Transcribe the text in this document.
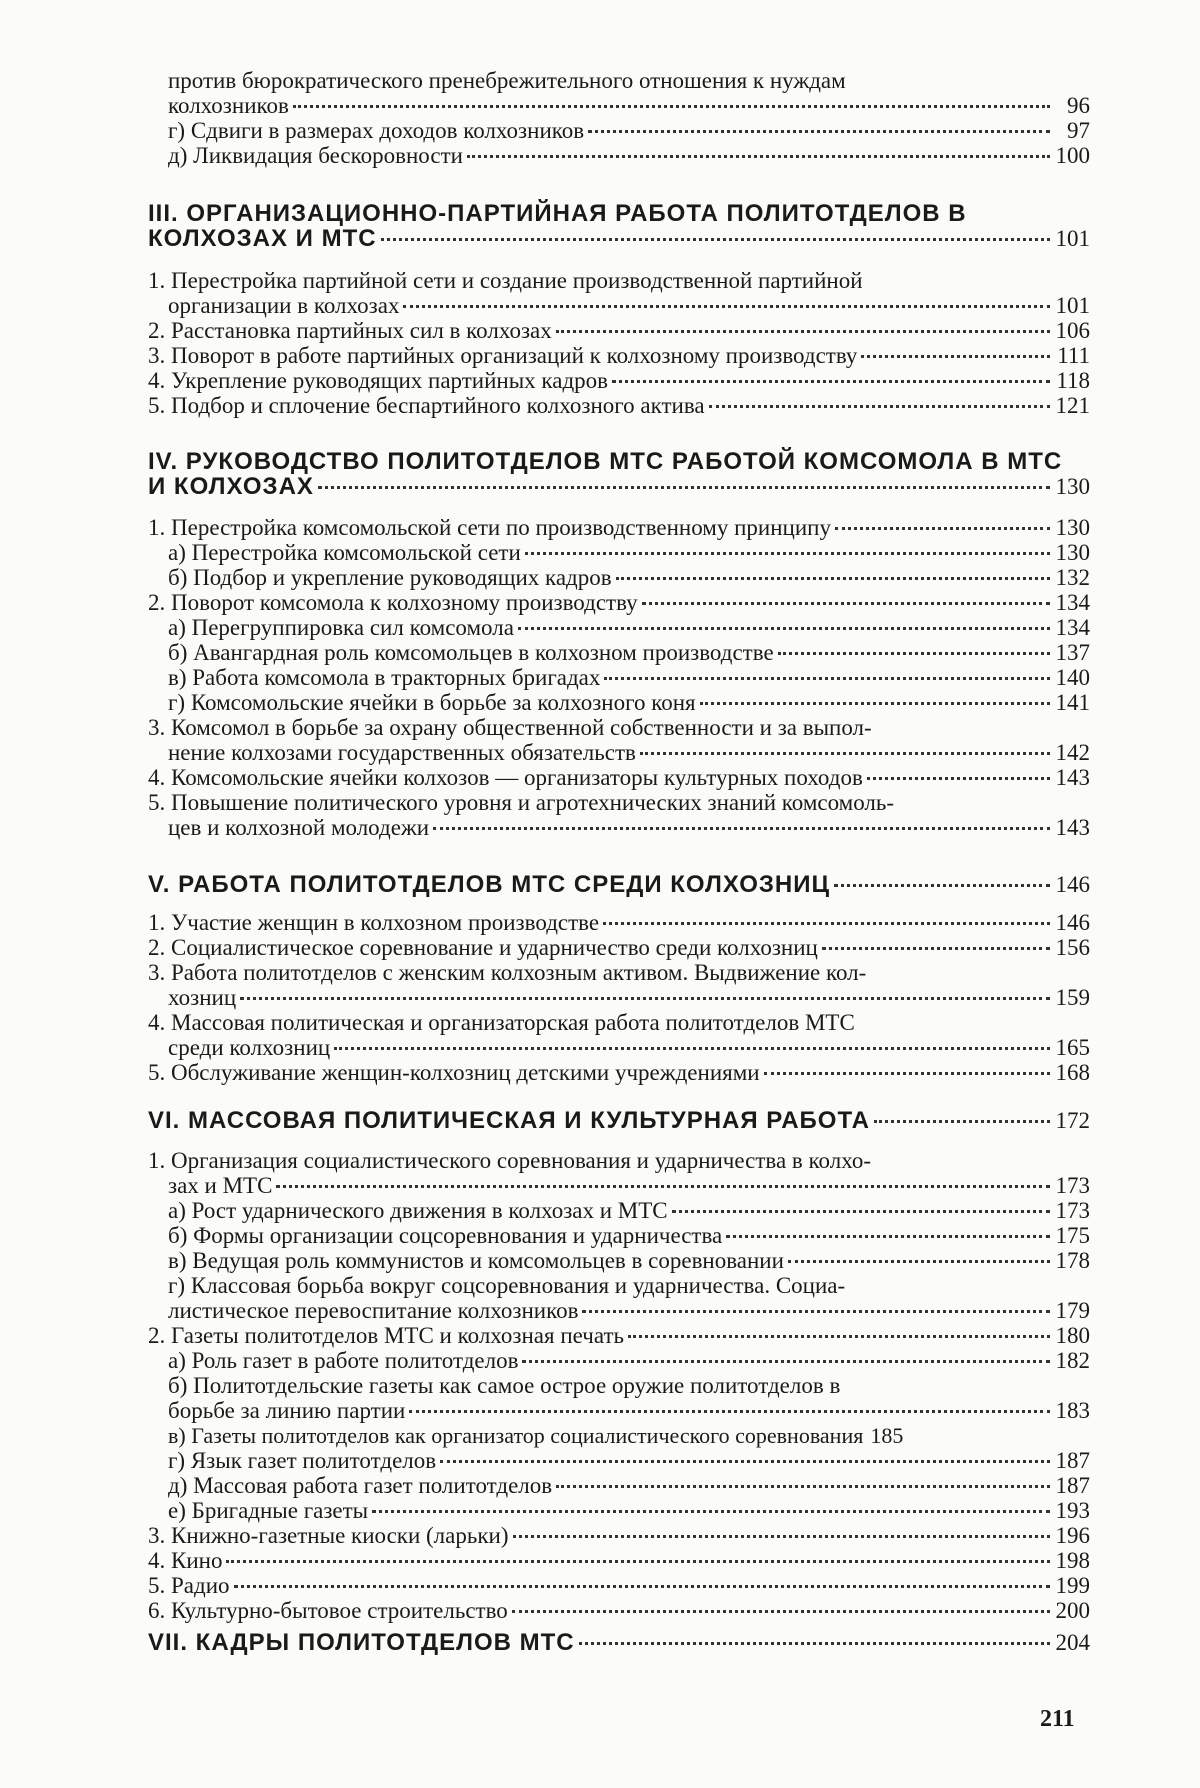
против бюрократического пренебрежительного отношения к нуждам
колхозников	96
г) Сдвиги в размерах доходов колхозников	97
д) Ликвидация бескоровности	100
III. ОРГАНИЗАЦИОННО-ПАРТИЙНАЯ РАБОТА ПОЛИТОТДЕЛОВ В
КОЛХОЗАХ И МТС	101
1. Перестройка партийной сети и создание производственной партийной
организации в колхозах	101
2. Расстановка партийных сил в колхозах	106
3. Поворот в работе партийных организаций к колхозному производству	111
4. Укрепление руководящих партийных кадров	118
5. Подбор и сплочение беспартийного колхозного актива	121
IV. РУКОВОДСТВО ПОЛИТОТДЕЛОВ МТС РАБОТОЙ КОМСОМОЛА В МТС
И КОЛХОЗАХ	130
1. Перестройка комсомольской сети по производственному принципу	130
а) Перестройка комсомольской сети	130
б) Подбор и укрепление руководящих кадров	132
2. Поворот комсомола к колхозному производству	134
а) Перегруппировка сил комсомола	134
б) Авангардная роль комсомольцев в колхозном производстве	137
в) Работа комсомола в тракторных бригадах	140
г) Комсомольские ячейки в борьбе за колхозного коня	141
3. Комсомол в борьбе за охрану общественной собственности и за выпол-
нение колхозами государственных обязательств	142
4. Комсомольские ячейки колхозов — организаторы культурных походов	143
5. Повышение политического уровня и агротехнических знаний комсомоль-
цев и колхозной молодежи	143
V. РАБОТА ПОЛИТОТДЕЛОВ МТС СРЕДИ КОЛХОЗНИЦ	146
1. Участие женщин в колхозном производстве	146
2. Социалистическое соревнование и ударничество среди колхозниц	156
3. Работа политотделов с женским колхозным активом. Выдвижение кол-
хозниц	159
4. Массовая политическая и организаторская работа политотделов МТС
среди колхозниц	165
5. Обслуживание женщин-колхозниц детскими учреждениями	168
VI. МАССОВАЯ ПОЛИТИЧЕСКАЯ И КУЛЬТУРНАЯ РАБОТА	172
1. Организация социалистического соревнования и ударничества в колхо-
зах и МТС	173
а) Рост ударнического движения в колхозах и МТС	173
б) Формы организации соцсоревнования и ударничества	175
в) Ведущая роль коммунистов и комсомольцев в соревновании	178
г) Классовая борьба вокруг соцсоревнования и ударничества. Социа-
листическое перевоспитание колхозников	179
2. Газеты политотделов МТС и колхозная печать	180
а) Роль газет в работе политотделов	182
б) Политотдельские газеты как самое острое оружие политотделов в
борьбе за линию партии	183
в) Газеты политотделов как организатор социалистического соревнования 185
г) Язык газет политотделов	187
д) Массовая работа газет политотделов	187
е) Бригадные газеты	193
3. Книжно-газетные киоски (ларьки)	196
4. Кино	198
5. Радио	199
6. Культурно-бытовое строительство	200
VII. КАДРЫ ПОЛИТОТДЕЛОВ МТС	204
211
